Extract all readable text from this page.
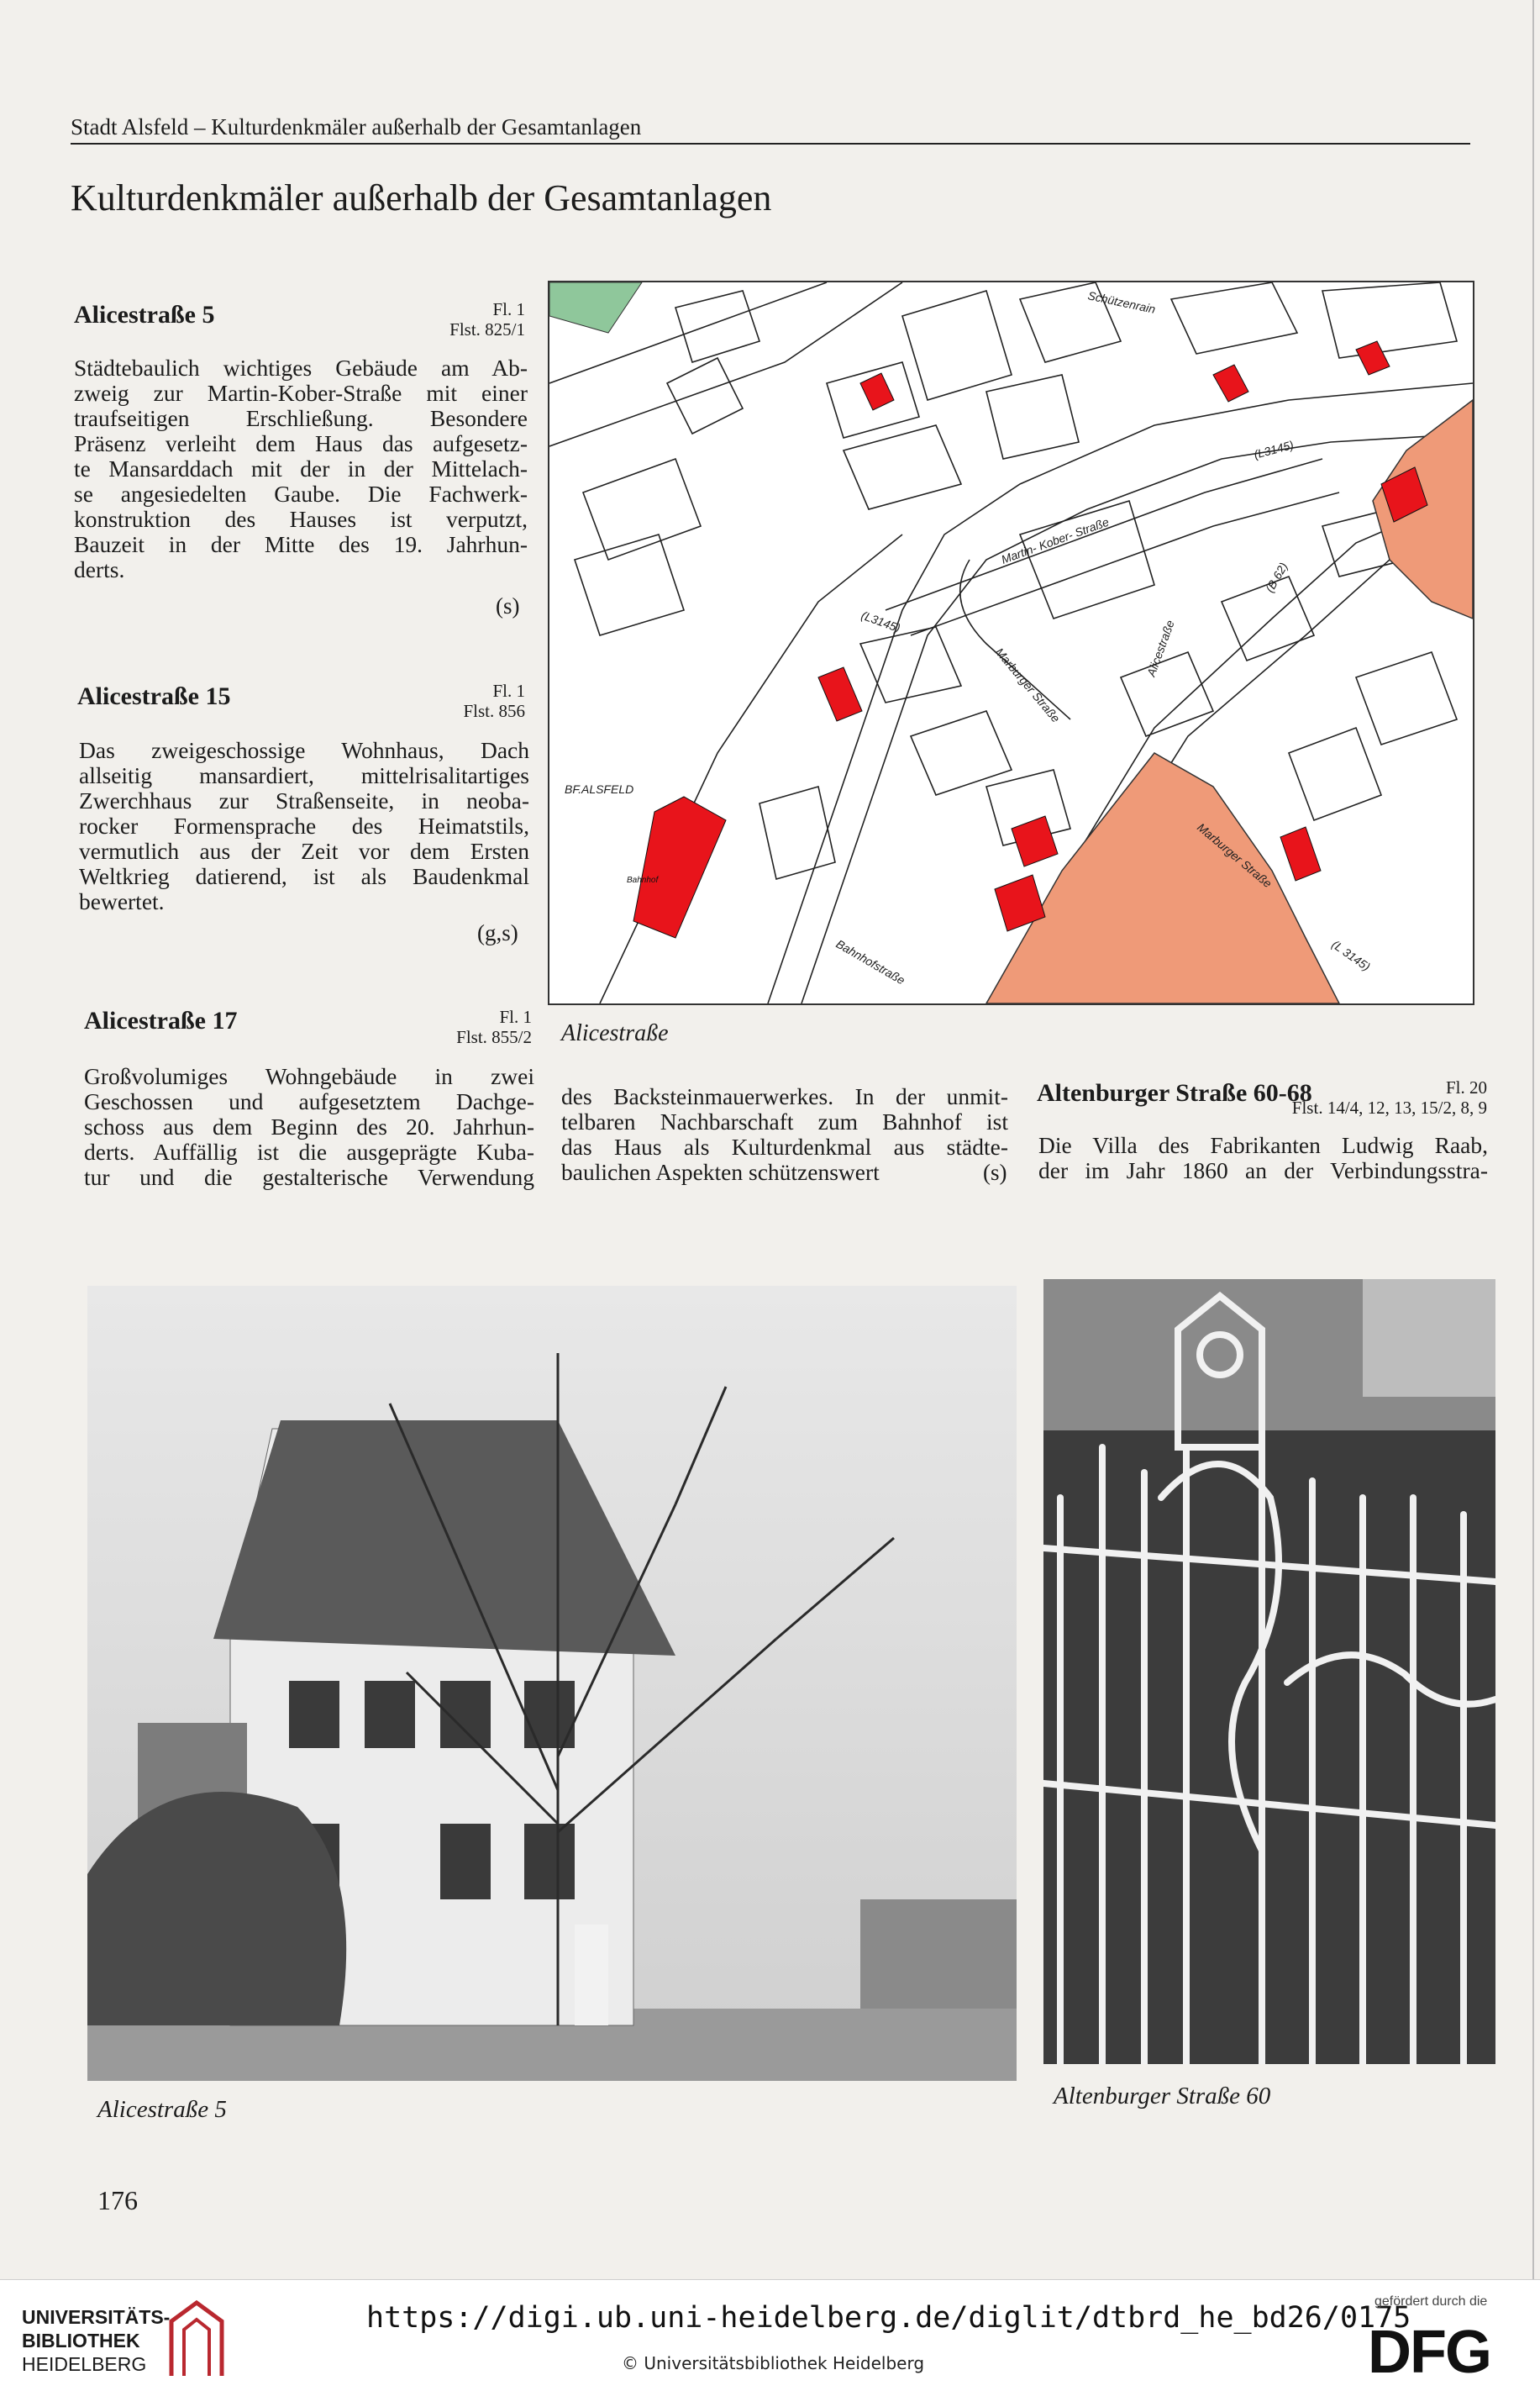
Stadt Alsfeld – Kulturdenkmäler außerhalb der Gesamtanlagen
Kulturdenkmäler außerhalb der Gesamtanlagen
Alicestraße 5	Fl. 1
Flst. 825/1
Städtebaulich wichtiges Gebäude am Ab-
zweig zur Martin-Kober-Straße mit einer
traufseitigen Erschließung. Besondere
Präsenz verleiht dem Haus das aufgesetz-
te Mansarddach mit der in der Mittelach-
se angesiedelten Gaube. Die Fachwerk-
konstruktion des Hauses ist verputzt,
Bauzeit in der Mitte des 19. Jahrhun-
derts.
(s)
Alicestraße 15	Fl. 1
Flst. 856
Das zweigeschossige Wohnhaus, Dach
allseitig mansardiert, mittelrisalitartiges
Zwerchhaus zur Straßenseite, in neoba-
rocker Formensprache des Heimatstils,
vermutlich aus der Zeit vor dem Ersten
Weltkrieg datierend, ist als Baudenkmal
bewertet.
(g,s)
Alicestraße 17	Fl. 1
Flst. 855/2
Großvolumiges Wohngebäude in zwei
Geschossen und aufgesetztem Dachge-
schoss aus dem Beginn des 20. Jahrhun-
derts. Auffällig ist die ausgeprägte Kuba-
tur und die gestalterische Verwendung
des Backsteinmauerwerkes. In der unmit-
telbaren Nachbarschaft zum Bahnhof ist
das Haus als Kulturdenkmal aus städte-
baulichen Aspekten schützenswert	(s)
Altenburger Straße 60-68	Fl. 20
Flst. 14/4, 12, 13, 15/2, 8, 9
Die Villa des Fabrikanten Ludwig Raab,
der im Jahr 1860 an der Verbindungsstra-
Martin- Kober- Straße
(L3145)
(L3145)
(L 3145)
Marburger Straße
Marburger Straße
Alicestraße
Bahnhofstraße
BF.ALSFELD
Bahnhof
(B 62)
Schützenrain
Alicestraße
Alicestraße 5	Altenburger Straße 60
176
UNIVERSITÄTS-
BIBLIOTHEK
HEIDELBERG
https://digi.ub.uni-heidelberg.de/diglit/dtbrd_he_bd26/0175
© Universitätsbibliothek Heidelberg
gefördert durch die
DFG
